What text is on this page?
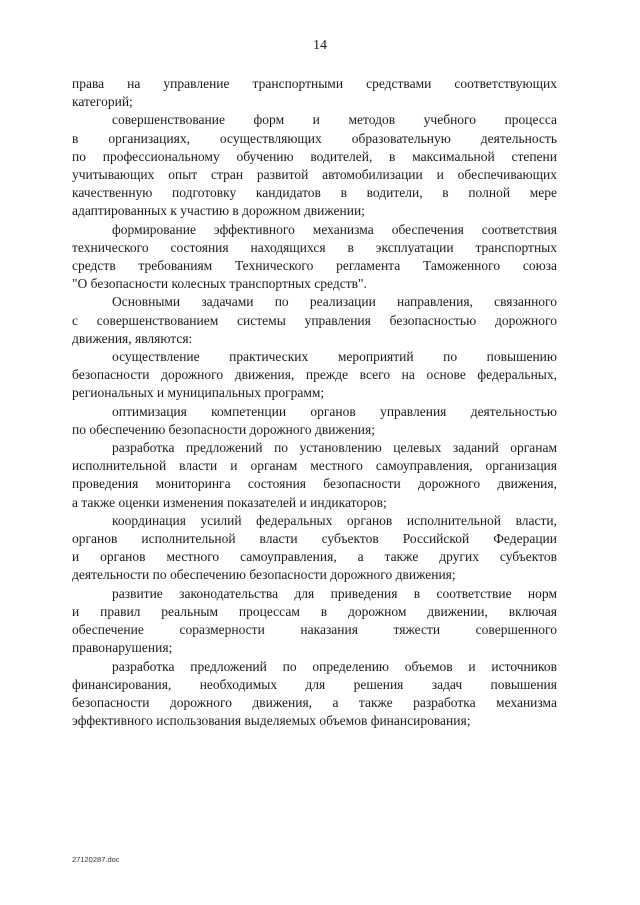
14

права на управление транспортными средствами соответствующих
категорий;

совершенствование форм и методов учебного процесса
в организациях, осуществляющих образовательную деятельность
по профессиональному обучению водителей, в максимальной степени
учитывающих опыт стран развитой автомобилизации и обеспечивающих
качественную подготовку кандидатов в водители, в полной мере
адаптированных к участию в дорожном движении;

формирование эффективного механизма обеспечения соответствия
технического состояния находящихся в эксплуатации транспортных
средств требованиям Технического регламента Таможенного союза
"О безопасности колесных транспортных средств".

Основными задачами по реализации направления, связанного
с совершенствованием системы управления безопасностью дорожного
движения, являются:

осуществление практических мероприятий по повышению
безопасности дорожного движения, прежде всего на основе федеральных,
региональных и муниципальных программ;

оптимизация компетенции органов управления деятельностью
по обеспечению безопасности дорожного движения;

разработка предложений по установлению целевых заданий органам
исполнительной власти и органам местного самоуправления, организация
проведения мониторинга состояния безопасности дорожного движения,
а также оценки изменения показателей и индикаторов;

координация усилий федеральных органов исполнительной власти,
органов исполнительной власти субъектов Российской Федерации
и органов местного самоуправления, а также других субъектов
деятельности по обеспечению безопасности дорожного движения;

развитие законодательства для приведения в соответствие норм
и правил реальным процессам в дорожном движении, включая
обеспечение соразмерности наказания тяжести совершенного
правонарушения;

разработка предложений по определению объемов и источников
финансирования, необходимых для решения задач повышения
безопасности дорожного движения, а также разработка механизма
эффективного использования выделяемых объемов финансирования;

27120287.doc
